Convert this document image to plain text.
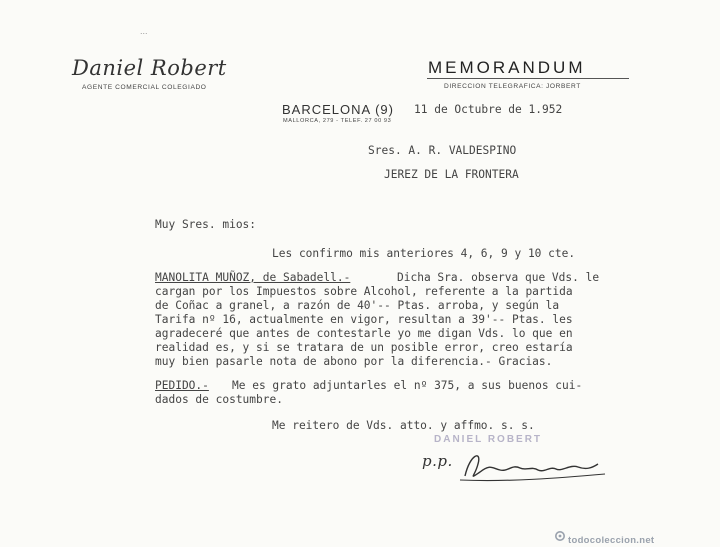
...
Daniel Robert
AGENTE COMERCIAL COLEGIADO
MEMORANDUM
DIRECCION TELEGRAFICA: JORBERT
BARCELONA (9)
MALLORCA, 279 - TELEF. 27 00 93
11 de Octubre de 1.952
Sres. A. R. VALDESPINO
JEREZ DE LA FRONTERA
Muy Sres. mios:
Les confirmo mis anteriores 4, 6, 9 y 10 cte.
MANOLITA MUÑOZ, de Sabadell.-	Dicha Sra. observa que Vds. le
cargan por los Impuestos sobre Alcohol, referente a la partida
de Coñac a granel, a razón de 40'-- Ptas. arroba, y según la
Tarifa nº 16, actualmente en vigor, resultan a 39'-- Ptas. les
agradeceré que antes de contestarle yo me digan Vds. lo que en
realidad es, y si se tratara de un posible error, creo estaría
muy bien pasarle nota de abono por la diferencia.- Gracias.
PEDIDO.- Me es grato adjuntarles el nº 375, a sus buenos cui-
dados de costumbre.
Me reitero de Vds. atto. y affmo. s. s.
DANIEL ROBERT
p.p.
todocoleccion.net
